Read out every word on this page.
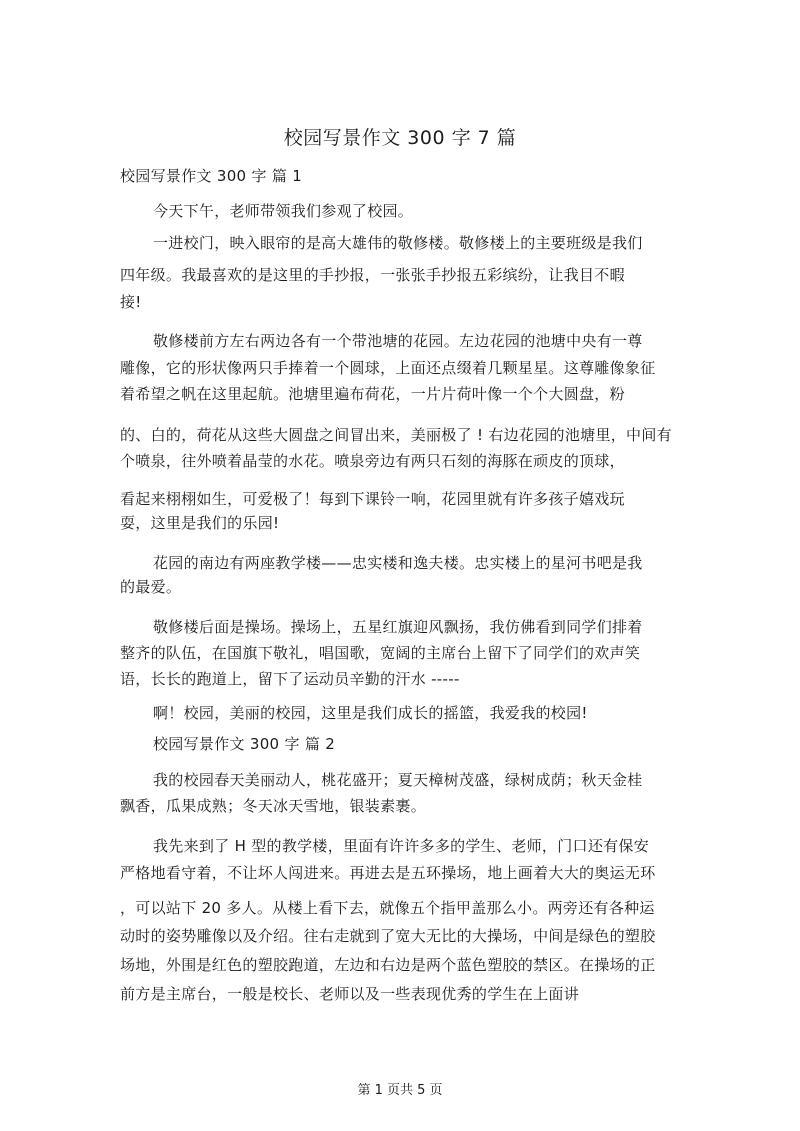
校园写景作文 300 字 7 篇
校园写景作文 300 字 篇 1
今天下午，老师带领我们参观了校园。
一进校门，映入眼帘的是高大雄伟的敬修楼。敬修楼上的主要班级是我们
四年级。我最喜欢的是这里的手抄报，一张张手抄报五彩缤纷，让我目不暇
接!
敬修楼前方左右两边各有一个带池塘的花园。左边花园的池塘中央有一尊
雕像，它的形状像两只手捧着一个圆球，上面还点缀着几颗星星。这尊雕像象征
着希望之帆在这里起航。池塘里遍布荷花，一片片荷叶像一个个大圆盘，粉
的、白的，荷花从这些大圆盘之间冒出来，美丽极了 ! 右边花园的池塘里，中间有
个喷泉，往外喷着晶莹的水花。喷泉旁边有两只石刻的海豚在顽皮的顶球，
看起来栩栩如生，可爱极了！每到下课铃一响，花园里就有许多孩子嬉戏玩
耍，这里是我们的乐园!
花园的南边有两座教学楼——忠实楼和逸夫楼。忠实楼上的星河书吧是我
的最爱。
敬修楼后面是操场。操场上，五星红旗迎风飘扬，我仿佛看到同学们排着
整齐的队伍，在国旗下敬礼，唱国歌，宽阔的主席台上留下了同学们的欢声笑
语，长长的跑道上，留下了运动员辛勤的汗水 -----
啊！校园，美丽的校园，这里是我们成长的摇篮，我爱我的校园!
校园写景作文 300 字 篇 2
我的校园春天美丽动人，桃花盛开；夏天樟树茂盛，绿树成荫；秋天金桂
飘香，瓜果成熟；冬天冰天雪地，银装素裹。
我先来到了 H 型的教学楼，里面有许许多多的学生、老师，门口还有保安
严格地看守着，不让坏人闯进来。再进去是五环操场，地上画着大大的奥运无环
，可以站下 20 多人。从楼上看下去，就像五个指甲盖那么小。两旁还有各种运
动时的姿势雕像以及介绍。往右走就到了宽大无比的大操场，中间是绿色的塑胶
场地，外围是红色的塑胶跑道，左边和右边是两个蓝色塑胶的禁区。在操场的正
前方是主席台，一般是校长、老师以及一些表现优秀的学生在上面讲
第 1 页共 5 页
